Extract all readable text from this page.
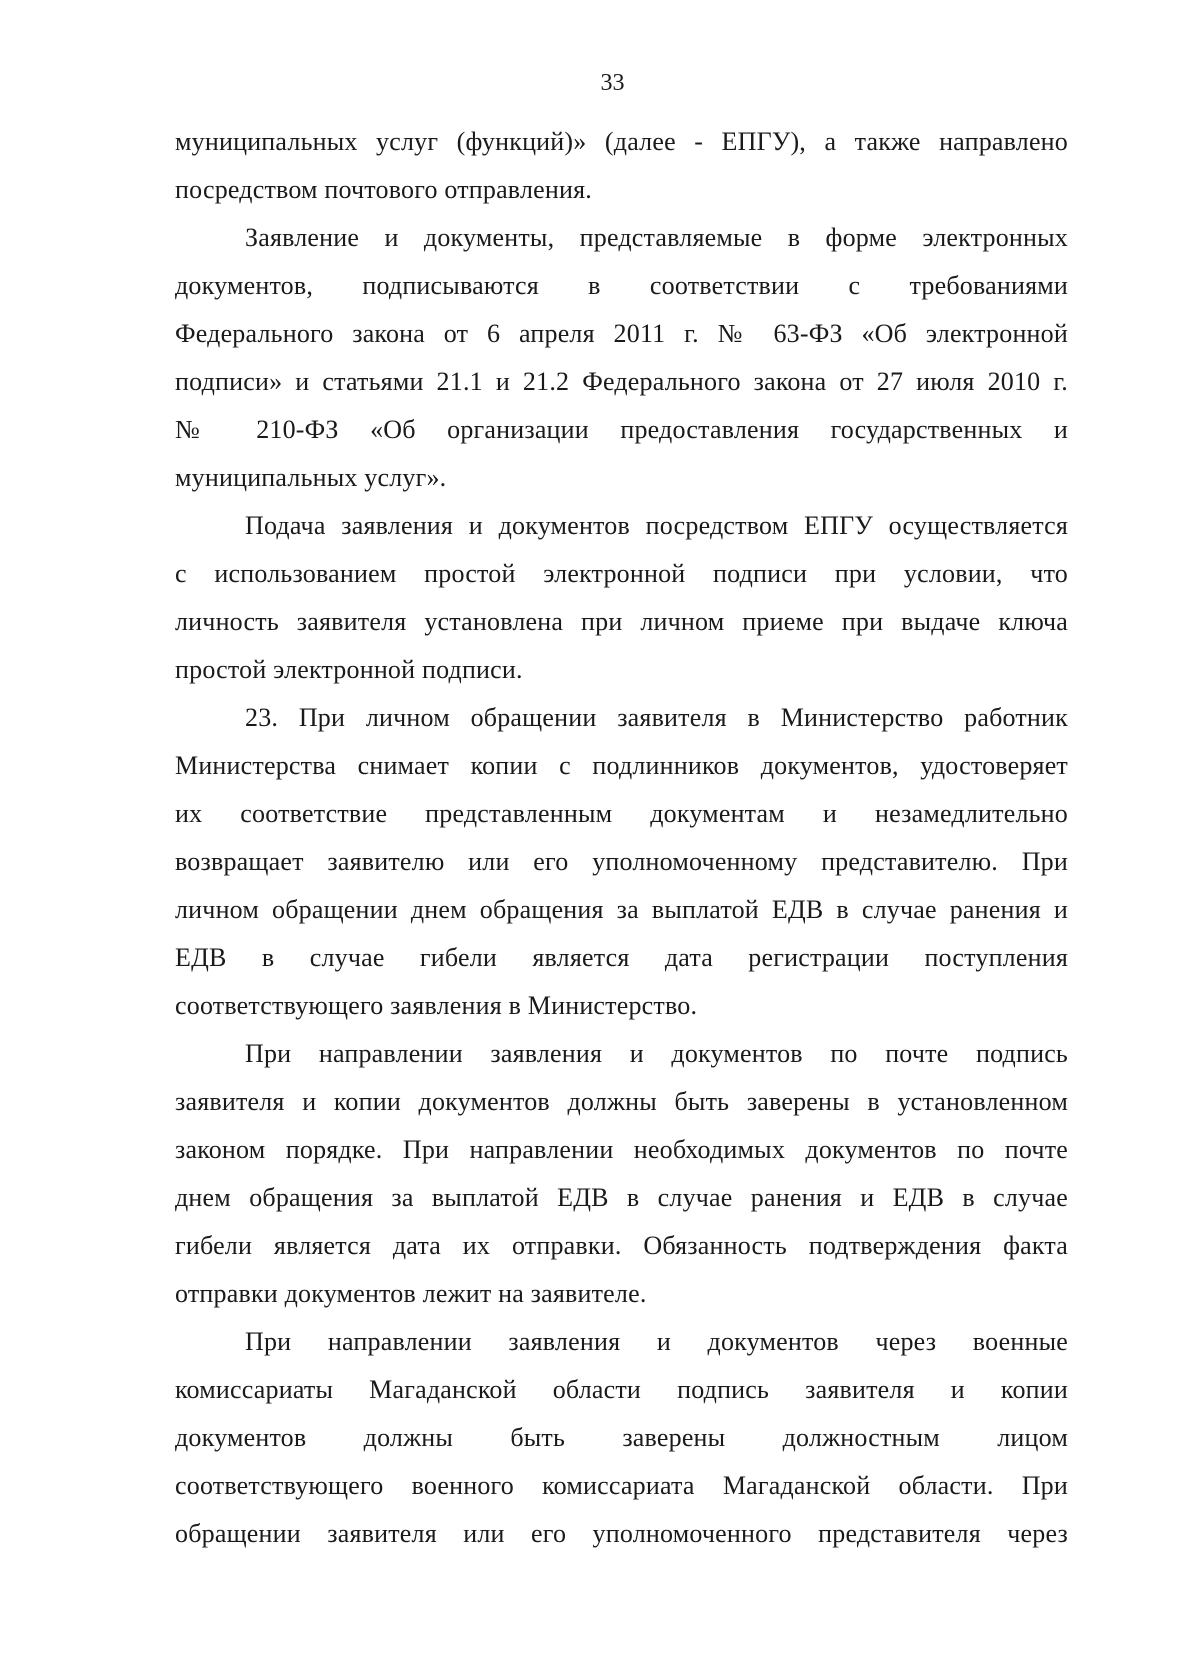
33
муниципальных услуг (функций)» (далее - ЕПГУ), а также направлено
посредством почтового отправления.
Заявление и документы, представляемые в форме электронных
документов, подписываются в соответствии с требованиями
Федерального закона от 6 апреля 2011 г. № 63-ФЗ «Об электронной
подписи» и статьями 21.1 и 21.2 Федерального закона от 27 июля 2010 г.
№ 210-ФЗ «Об организации предоставления государственных и
муниципальных услуг».
Подача заявления и документов посредством ЕПГУ осуществляется
с использованием простой электронной подписи при условии, что
личность заявителя установлена при личном приеме при выдаче ключа
простой электронной подписи.
23. При личном обращении заявителя в Министерство работник
Министерства снимает копии с подлинников документов, удостоверяет
их соответствие представленным документам и незамедлительно
возвращает заявителю или его уполномоченному представителю. При
личном обращении днем обращения за выплатой ЕДВ в случае ранения и
ЕДВ в случае гибели является дата регистрации поступления
соответствующего заявления в Министерство.
При направлении заявления и документов по почте подпись
заявителя и копии документов должны быть заверены в установленном
законом порядке. При направлении необходимых документов по почте
днем обращения за выплатой ЕДВ в случае ранения и ЕДВ в случае
гибели является дата их отправки. Обязанность подтверждения факта
отправки документов лежит на заявителе.
При направлении заявления и документов через военные
комиссариаты Магаданской области подпись заявителя и копии
документов должны быть заверены должностным лицом
соответствующего военного комиссариата Магаданской области. При
обращении заявителя или его уполномоченного представителя через
